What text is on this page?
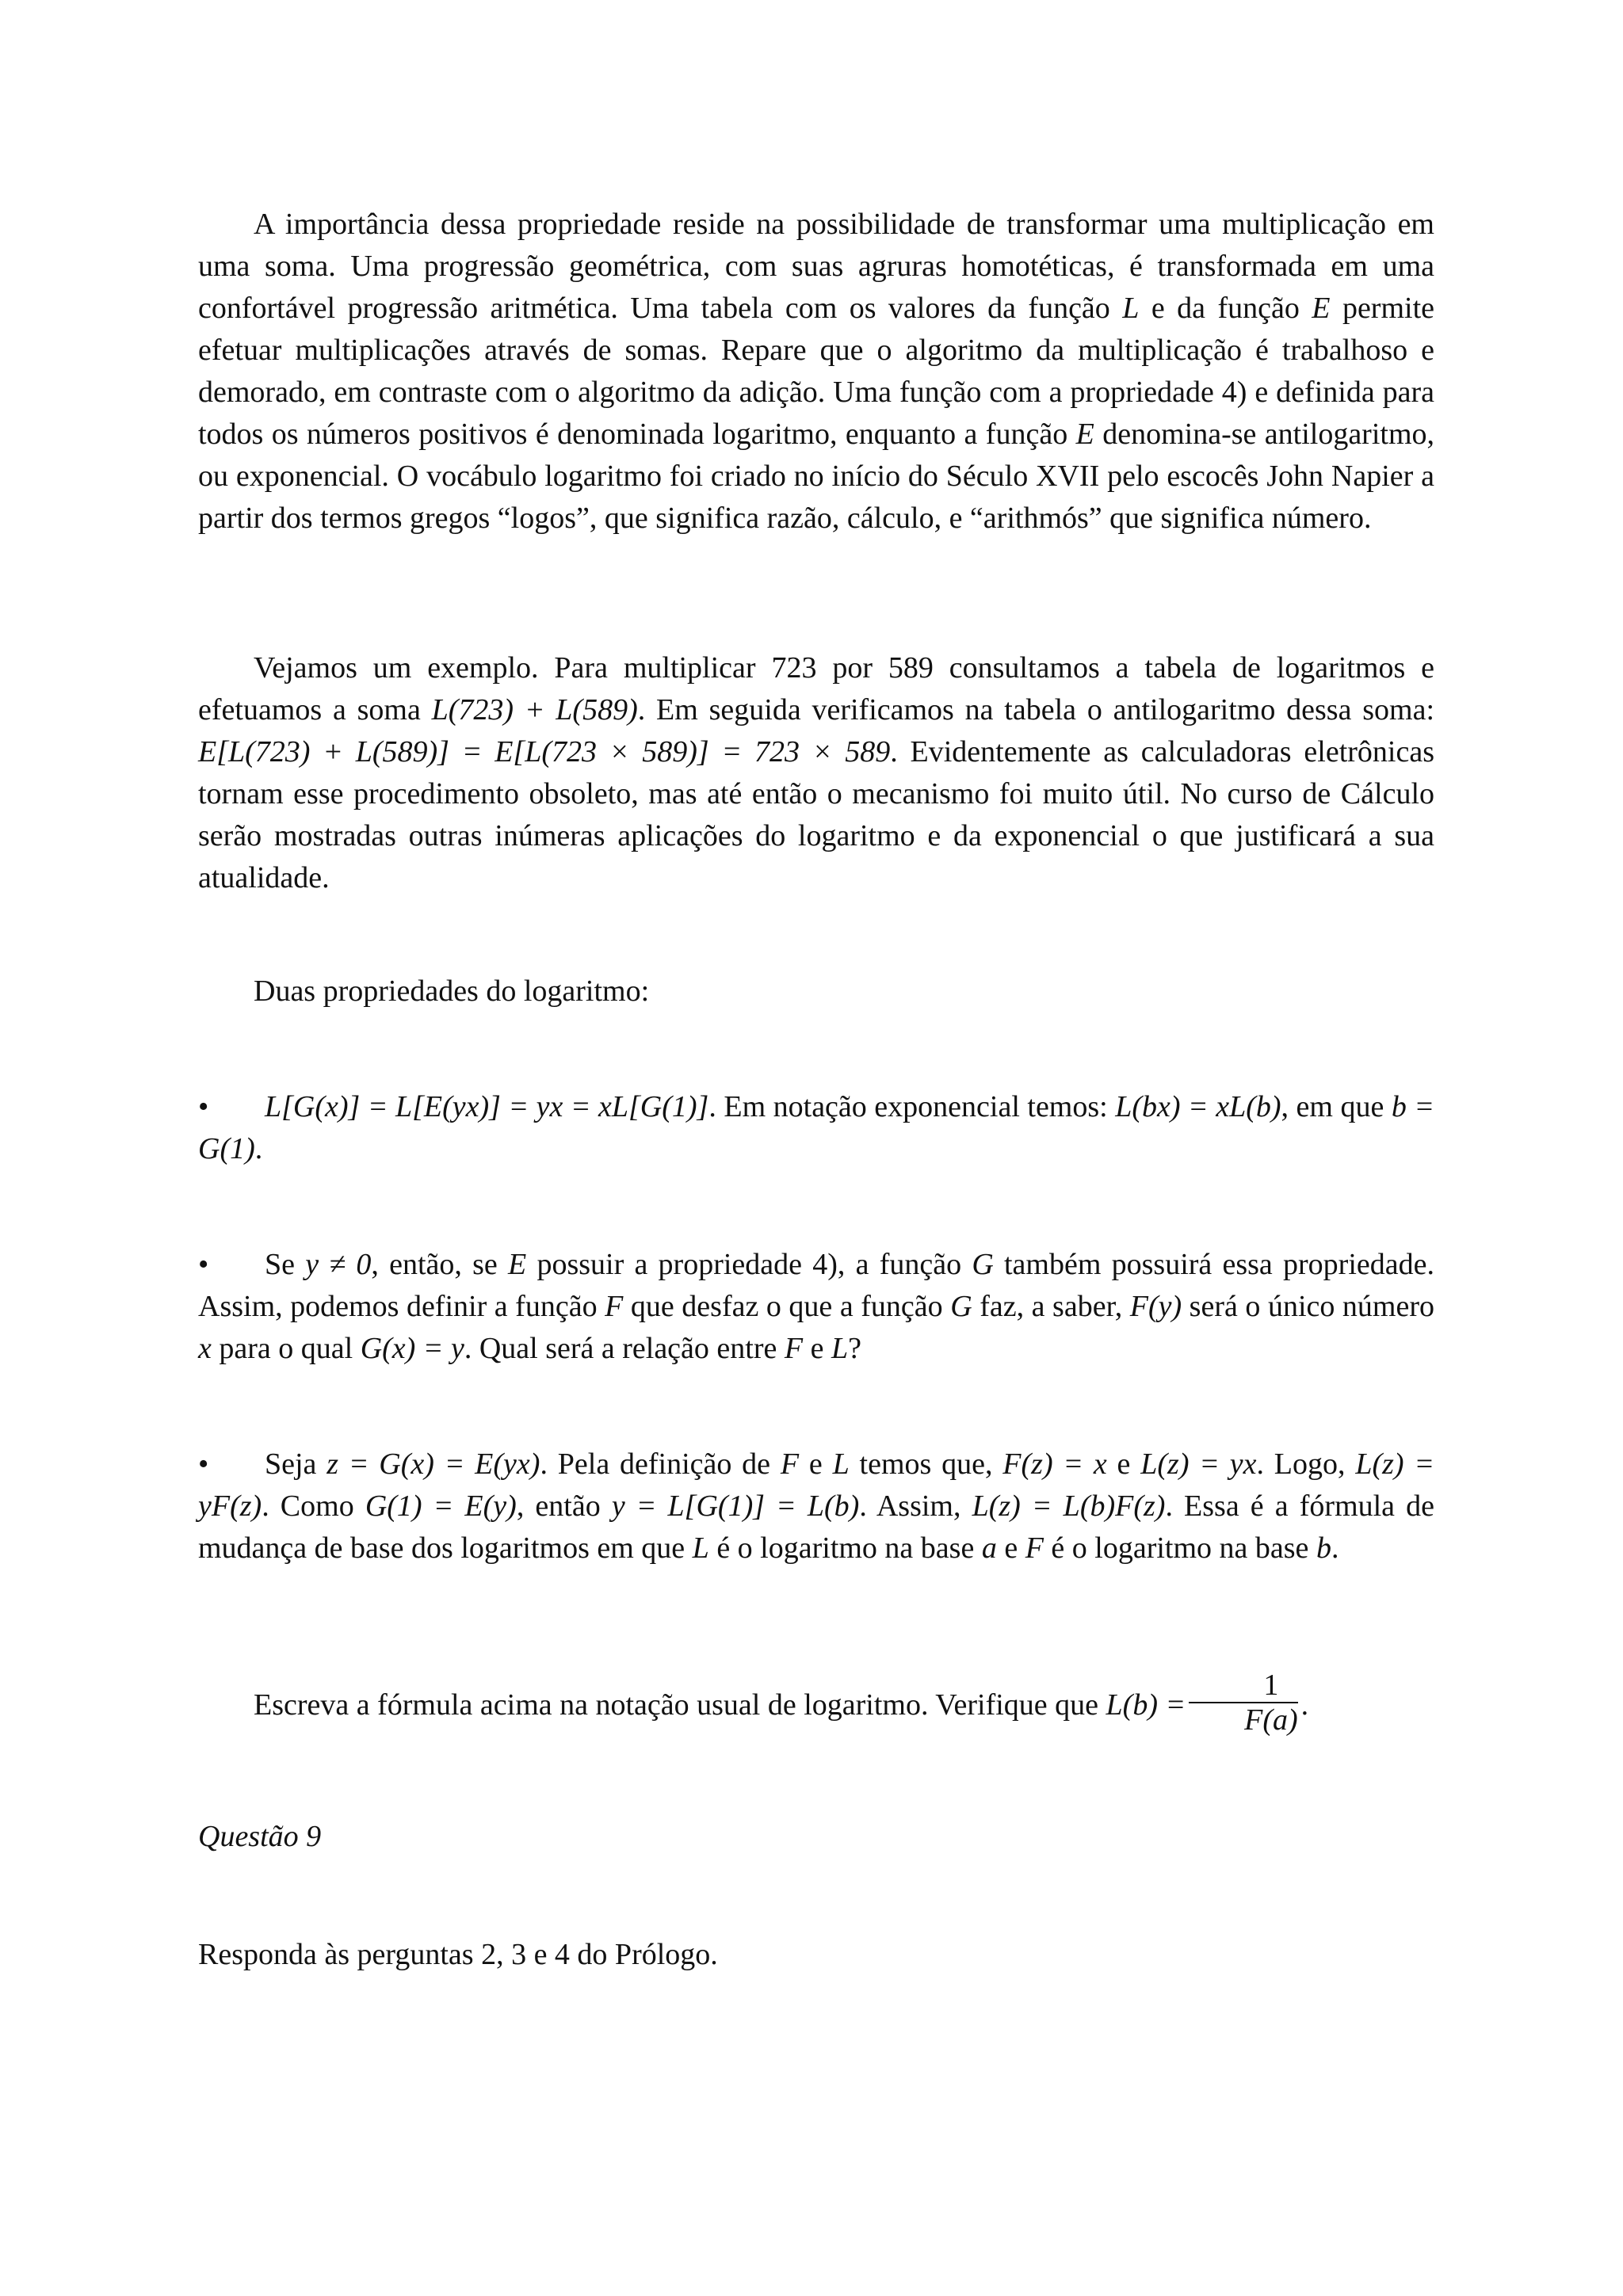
A importância dessa propriedade reside na possibilidade de transformar uma multiplicação em uma soma. Uma progressão geométrica, com suas agruras homotéticas, é transformada em uma confortável progressão aritmética. Uma tabela com os valores da função L e da função E permite efetuar multiplicações através de somas. Repare que o algoritmo da multiplicação é trabalhoso e demorado, em contraste com o algoritmo da adição. Uma função com a propriedade 4) e definida para todos os números positivos é denominada logaritmo, enquanto a função E denomina-se antilogaritmo, ou exponencial. O vocábulo logaritmo foi criado no início do Século XVII pelo escocês John Napier a partir dos termos gregos “logos”, que significa razão, cálculo, e “arithmós” que significa número.

Vejamos um exemplo. Para multiplicar 723 por 589 consultamos a tabela de logaritmos e efetuamos a soma L(723) + L(589). Em seguida verificamos na tabela o antilogaritmo dessa soma: E[L(723) + L(589)] = E[L(723 × 589)] = 723 × 589. Evidentemente as calculadoras eletrônicas tornam esse procedimento obsoleto, mas até então o mecanismo foi muito útil. No curso de Cálculo serão mostradas outras inúmeras aplicações do logaritmo e da exponencial o que justificará a sua atualidade.

Duas propriedades do logaritmo:

• L[G(x)] = L[E(yx)] = yx = xL[G(1)]. Em notação exponencial temos: L(bx) = xL(b), em que b = G(1).

• Se y ≠ 0, então, se E possuir a propriedade 4), a função G também possuirá essa propriedade. Assim, podemos definir a função F que desfaz o que a função G faz, a saber, F(y) será o único número x para o qual G(x) = y. Qual será a relação entre F e L?

• Seja z = G(x) = E(yx). Pela definição de F e L temos que, F(z) = x e L(z) = yx. Logo, L(z) = yF(z). Como G(1) = E(y), então y = L[G(1)] = L(b). Assim, L(z) = L(b)F(z). Essa é a fórmula de mudança de base dos logaritmos em que L é o logaritmo na base a e F é o logaritmo na base b.

Escreva a fórmula acima na notação usual de logaritmo. Verifique que $L(b) = \frac{1}{F(a)}$ .

Questão 9

Responda às perguntas 2, 3 e 4 do Prólogo.
